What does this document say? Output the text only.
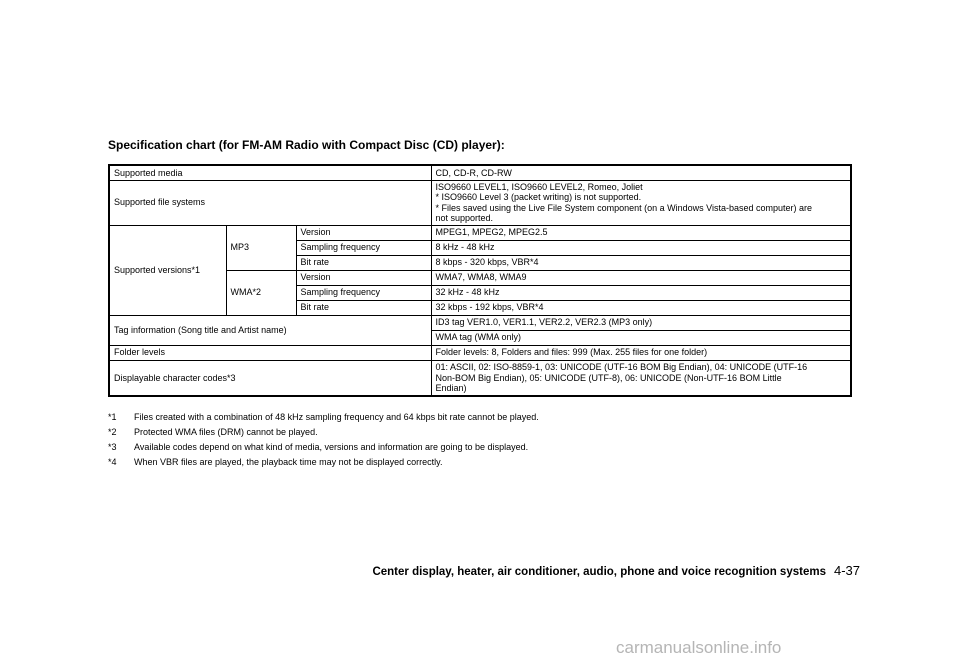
Specification chart (for FM-AM Radio with Compact Disc (CD) player):
Supported media			CD, CD-R, CD-RW
Supported file systems			ISO9660 LEVEL1, ISO9660 LEVEL2, Romeo, Joliet
* ISO9660 Level 3 (packet writing) is not supported.
* Files saved using the Live File System component (on a Windows Vista-based computer) are
not supported.

Supported versions*1	MP3	Version	MPEG1, MPEG2, MPEG2.5
		Sampling frequency	8 kHz - 48 kHz
		Bit rate	8 kbps - 320 kbps, VBR*4
	WMA*2	Version	WMA7, WMA8, WMA9
		Sampling frequency	32 kHz - 48 kHz
		Bit rate	32 kbps - 192 kbps, VBR*4
Tag information (Song title and Artist name)			ID3 tag VER1.0, VER1.1, VER2.2, VER2.3 (MP3 only)
			WMA tag (WMA only)
Folder levels			Folder levels: 8, Folders and files: 999 (Max. 255 files for one folder)
Displayable character codes*3			01: ASCII, 02: ISO-8859-1, 03: UNICODE (UTF-16 BOM Big Endian), 04: UNICODE (UTF-16
Non-BOM Big Endian), 05: UNICODE (UTF-8), 06: UNICODE (Non-UTF-16 BOM Little
Endian)
*1	Files created with a combination of 48 kHz sampling frequency and 64 kbps bit rate cannot be played.
*2	Protected WMA files (DRM) cannot be played.
*3	Available codes depend on what kind of media, versions and information are going to be displayed.
*4	When VBR files are played, the playback time may not be displayed correctly.
Center display, heater, air conditioner, audio, phone and voice recognition systems 4-37
carmanualsonline.info
